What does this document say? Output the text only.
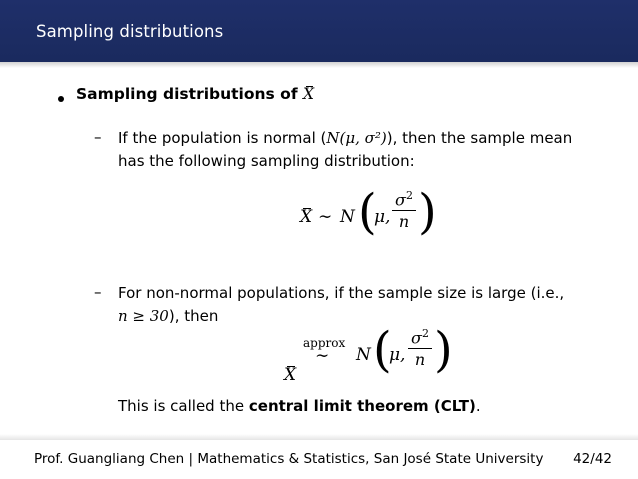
Sampling distributions
Sampling distributions of X
– If the population is normal (N(μ, σ²)), then the sample mean
has the following sampling distribution:
X ∼ N (
μ,
$\sigma^2$
n )
– For non-normal populations, if the sample size is large (i.e.,
n ≥ 30), then
X
approx
∼ N (
μ,
$\sigma^2$
n )
This is called the central limit theorem (CLT).
Prof. Guangliang Chen | Mathematics & Statistics, San José State University 42/42
